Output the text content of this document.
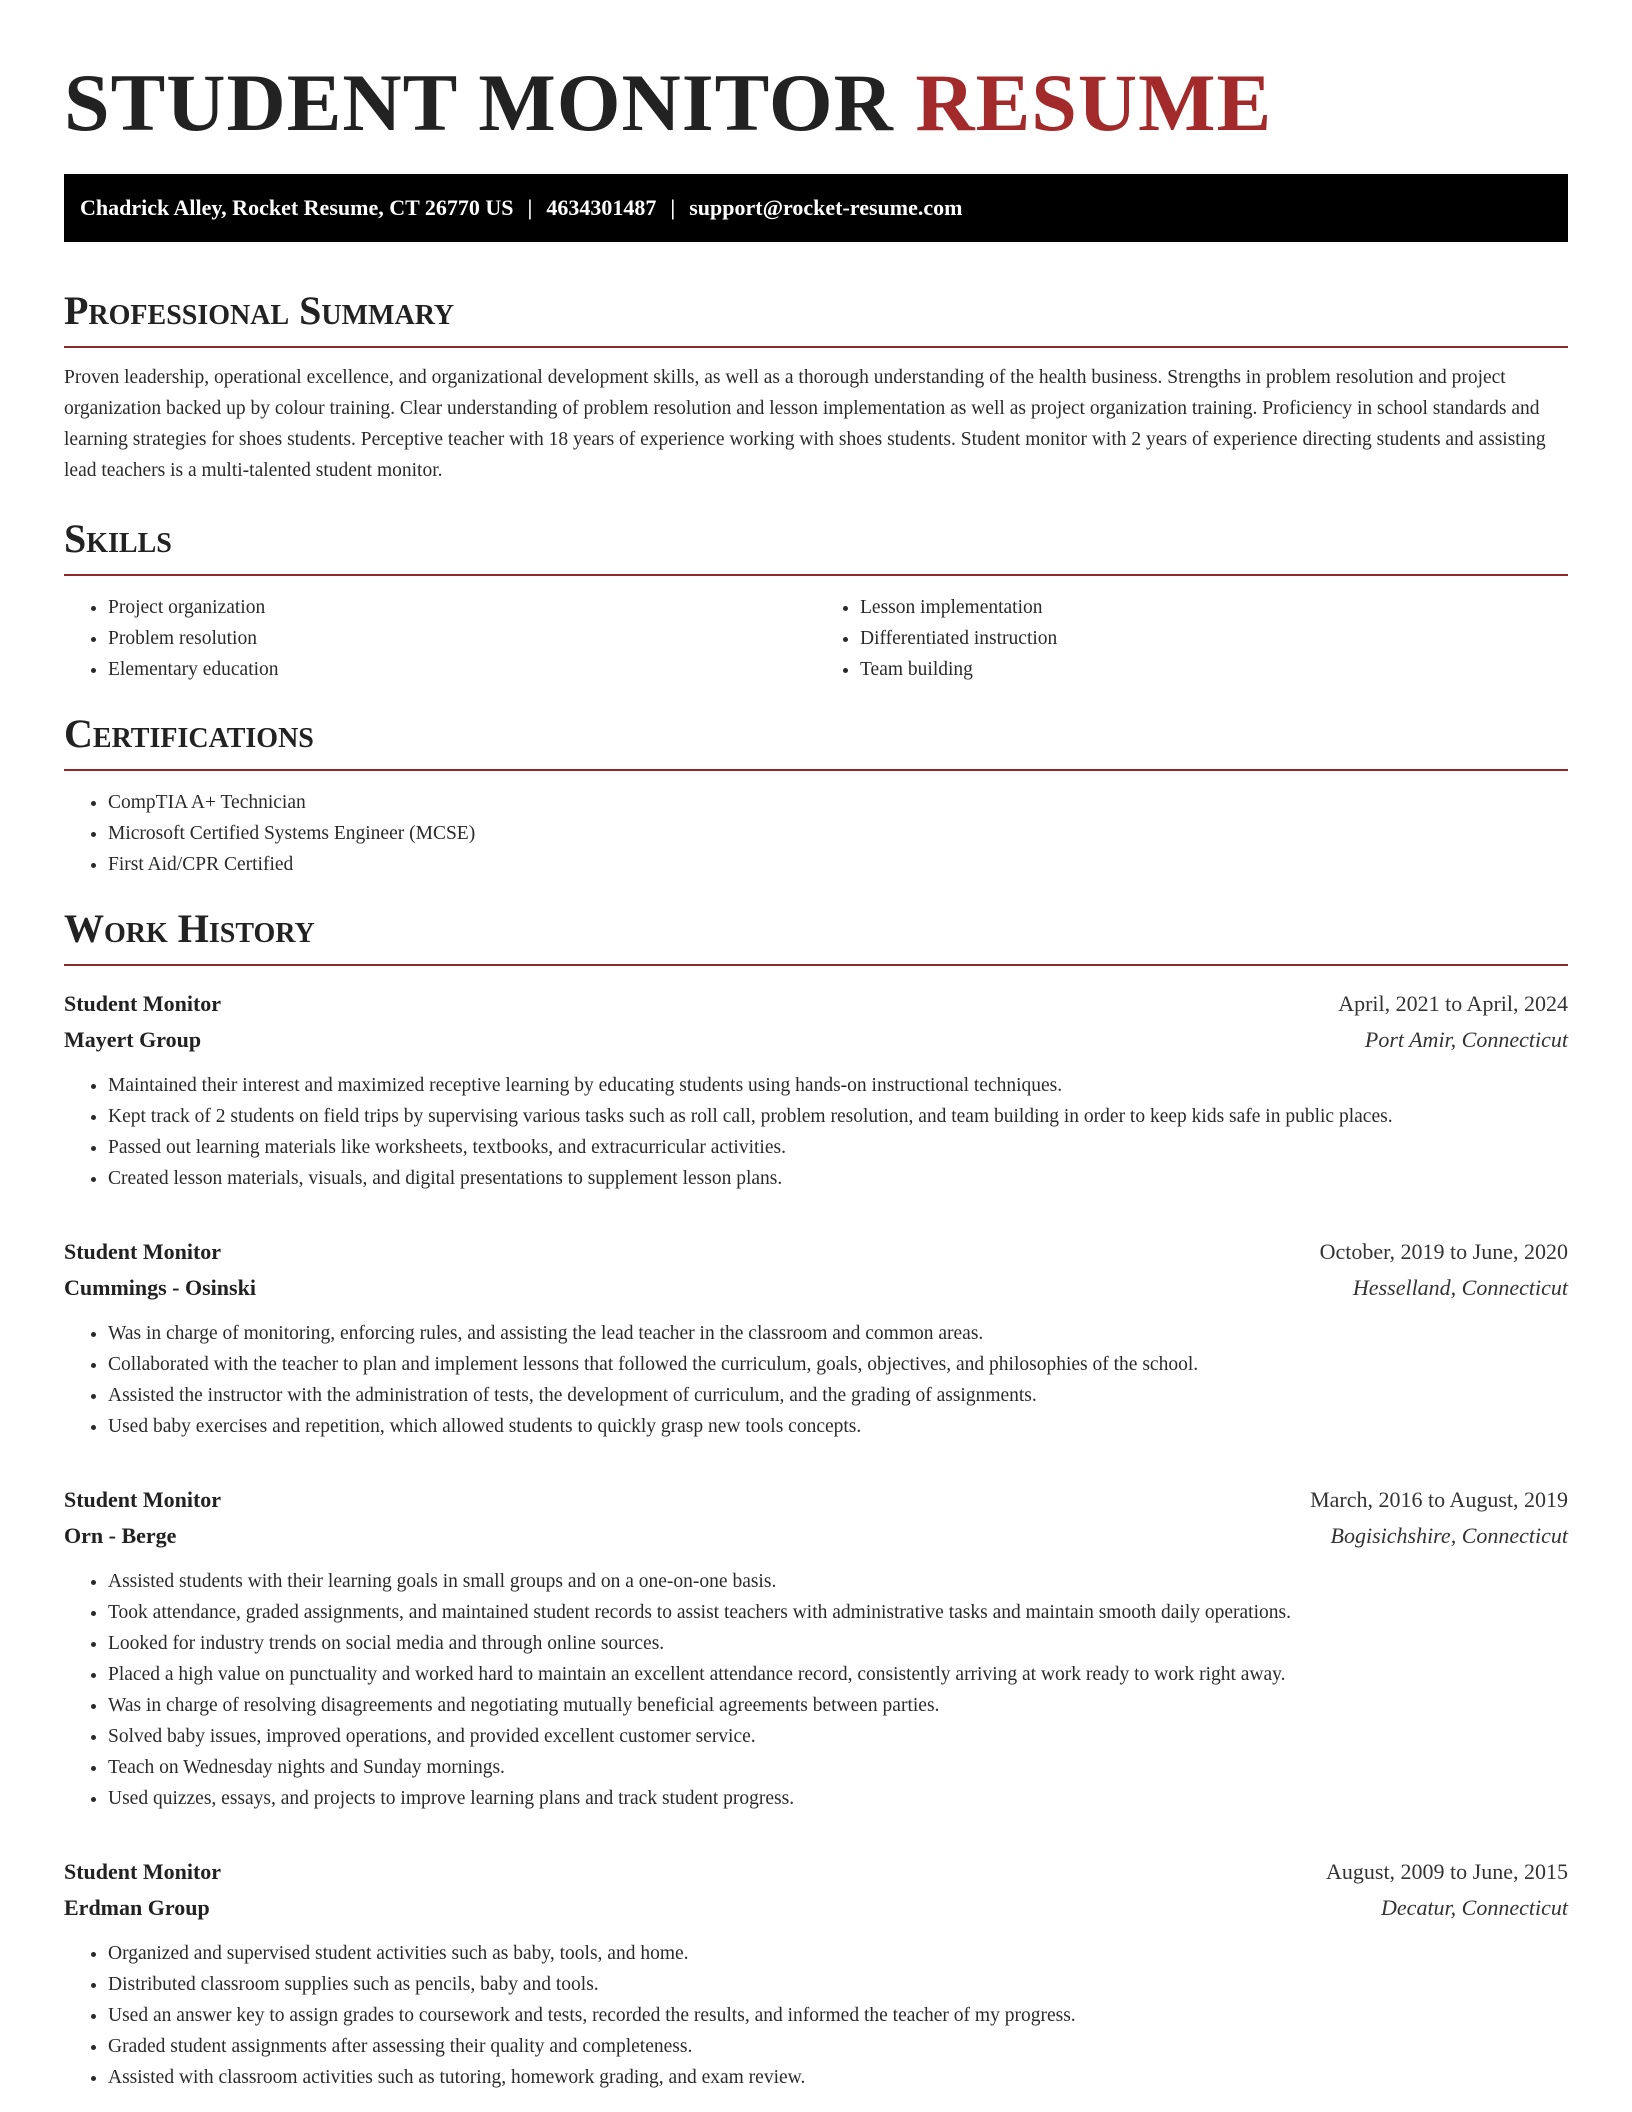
STUDENT MONITOR RESUME
Chadrick Alley, Rocket Resume, CT 26770 US | 4634301487 | support@rocket-resume.com
Professional Summary

Proven leadership, operational excellence, and organizational development skills, as well as a thorough understanding of the health business. Strengths in problem resolution and project organization backed up by colour training. Clear understanding of problem resolution and lesson implementation as well as project organization training. Proficiency in school standards and learning strategies for shoes students. Perceptive teacher with 18 years of experience working with shoes students. Student monitor with 2 years of experience directing students and assisting lead teachers is a multi-talented student monitor.

Skills
• Project organization
• Problem resolution
• Elementary education
• Lesson implementation
• Differentiated instruction
• Team building
Certifications
• CompTIA A+ Technician
• Microsoft Certified Systems Engineer (MCSE)
• First Aid/CPR Certified
Work History
Student Monitor	April, 2021 to April, 2024
Mayert Group	Port Amir, Connecticut
• Maintained their interest and maximized receptive learning by educating students using hands-on instructional techniques.
• Kept track of 2 students on field trips by supervising various tasks such as roll call, problem resolution, and team building in order to keep kids safe in public places.
• Passed out learning materials like worksheets, textbooks, and extracurricular activities.
• Created lesson materials, visuals, and digital presentations to supplement lesson plans.
Student Monitor	October, 2019 to June, 2020
Cummings - Osinski	Hesselland, Connecticut
• Was in charge of monitoring, enforcing rules, and assisting the lead teacher in the classroom and common areas.
• Collaborated with the teacher to plan and implement lessons that followed the curriculum, goals, objectives, and philosophies of the school.
• Assisted the instructor with the administration of tests, the development of curriculum, and the grading of assignments.
• Used baby exercises and repetition, which allowed students to quickly grasp new tools concepts.
Student Monitor	March, 2016 to August, 2019
Orn - Berge	Bogisichshire, Connecticut
• Assisted students with their learning goals in small groups and on a one-on-one basis.
• Took attendance, graded assignments, and maintained student records to assist teachers with administrative tasks and maintain smooth daily operations.
• Looked for industry trends on social media and through online sources.
• Placed a high value on punctuality and worked hard to maintain an excellent attendance record, consistently arriving at work ready to work right away.
• Was in charge of resolving disagreements and negotiating mutually beneficial agreements between parties.
• Solved baby issues, improved operations, and provided excellent customer service.
• Teach on Wednesday nights and Sunday mornings.
• Used quizzes, essays, and projects to improve learning plans and track student progress.
Student Monitor	August, 2009 to June, 2015
Erdman Group	Decatur, Connecticut
• Organized and supervised student activities such as baby, tools, and home.
• Distributed classroom supplies such as pencils, baby and tools.
• Used an answer key to assign grades to coursework and tests, recorded the results, and informed the teacher of my progress.
• Graded student assignments after assessing their quality and completeness.
• Assisted with classroom activities such as tutoring, homework grading, and exam review.
